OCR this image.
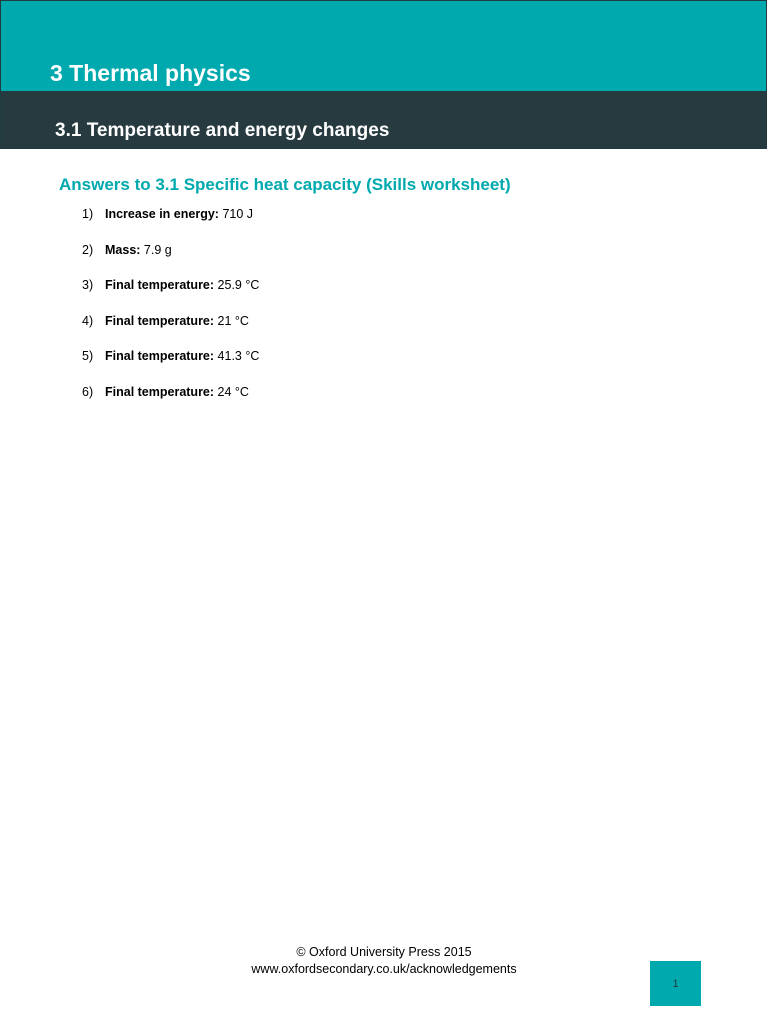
3 Thermal physics
3.1 Temperature and energy changes
Answers to 3.1 Specific heat capacity (Skills worksheet)
1) Increase in energy: 710 J
2) Mass: 7.9 g
3) Final temperature: 25.9 °C
4) Final temperature: 21 °C
5) Final temperature: 41.3 °C
6) Final temperature: 24 °C
© Oxford University Press 2015
www.oxfordsecondary.co.uk/acknowledgements
1
